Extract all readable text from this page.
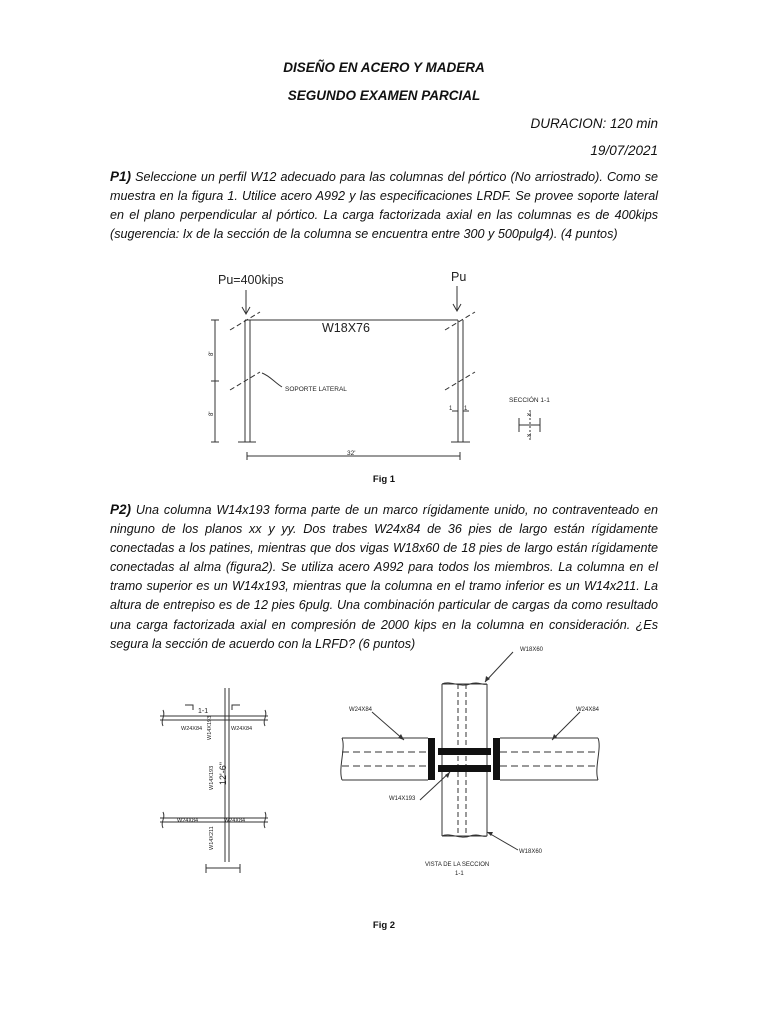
DISEÑO EN ACERO Y MADERA
SEGUNDO EXAMEN PARCIAL
DURACION: 120 min
19/07/2021

P1) Seleccione un perfil W12 adecuado para las columnas del pórtico (No arriostrado). Como se muestra en la figura 1. Utilice acero A992 y las especificaciones LRDF. Se provee soporte lateral en el plano perpendicular al pórtico. La carga factorizada axial en las columnas es de 400kips (sugerencia: Ix de la sección de la columna se encuentra entre 300 y 500pulg4). (4 puntos)

Pu=400kips	Pu
W18X76
SOPORTE LATERAL
SECCIÓN 1-1
8'
8'
32'
1 1
x|
x|
Fig 1

P2) Una columna W14x193 forma parte de un marco rígidamente unido, no contraventeado en ninguno de los planos xx y yy. Dos trabes W24x84 de 36 pies de largo están rígidamente conectadas a los patines, mientras que dos vigas W18x60 de 18 pies de largo están rígidamente conectadas al alma (figura2). Se utiliza acero A992 para todos los miembros. La columna en el tramo superior es un W14x193, mientras que la columna en el tramo inferior es un W14x211. La altura de entrepiso es de 12 pies 6pulg. Una combinación particular de cargas da como resultado una carga factorizada axial en compresión de 2000 kips en la columna en consideración. ¿Es segura la sección de acuerdo con la LRFD? (6 puntos)

W14X193
W24X84	W24X84
W14X193 12'-6"
W24X84	W24X84
W14X211
1-1
W18X60
W24X84	W24X84
W14X193
W18X60
VISTA DE LA SECCION
1-1
Fig 2
